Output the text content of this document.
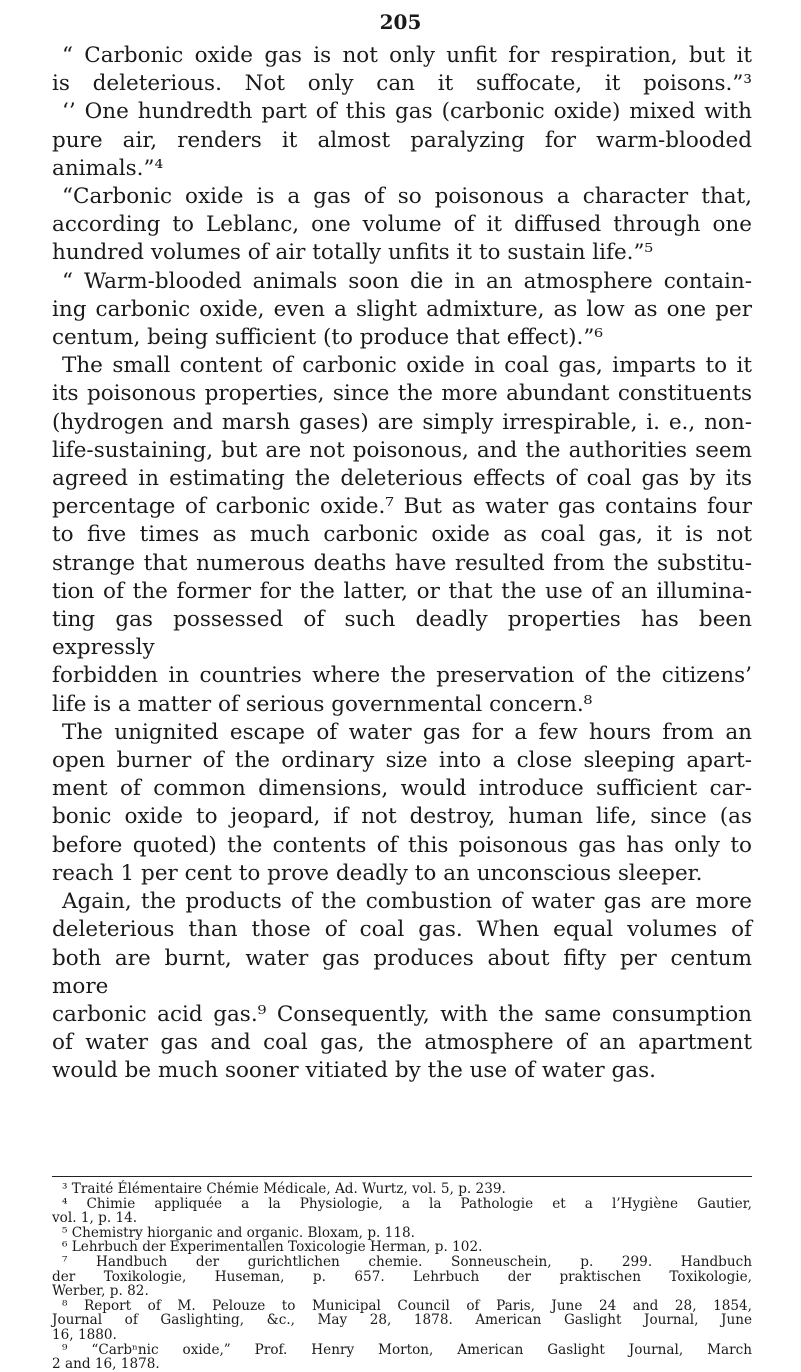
205
“ Carbonic oxide gas is not only unfit for respiration, but it
is deleterious. Not only can it suffocate, it poisons.”³
‘’ One hundredth part of this gas (carbonic oxide) mixed with
pure air, renders it almost paralyzing for warm-blooded
animals.”⁴
“Carbonic oxide is a gas of so poisonous a character that,
according to Leblanc, one volume of it diffused through one
hundred volumes of air totally unfits it to sustain life.”⁵
“ Warm-blooded animals soon die in an atmosphere contain-
ing carbonic oxide, even a slight admixture, as low as one per
centum, being sufficient (to produce that effect).”⁶
The small content of carbonic oxide in coal gas, imparts to it
its poisonous properties, since the more abundant constituents
(hydrogen and marsh gases) are simply irrespirable, i. e., non-
life-sustaining, but are not poisonous, and the authorities seem
agreed in estimating the deleterious effects of coal gas by its
percentage of carbonic oxide.⁷ But as water gas contains four
to five times as much carbonic oxide as coal gas, it is not
strange that numerous deaths have resulted from the substitu-
tion of the former for the latter, or that the use of an illumina-
ting gas possessed of such deadly properties has been expressly
forbidden in countries where the preservation of the citizens’
life is a matter of serious governmental concern.⁸
The unignited escape of water gas for a few hours from an
open burner of the ordinary size into a close sleeping apart-
ment of common dimensions, would introduce sufficient car-
bonic oxide to jeopard, if not destroy, human life, since (as
before quoted) the contents of this poisonous gas has only to
reach 1 per cent to prove deadly to an unconscious sleeper.
Again, the products of the combustion of water gas are more
deleterious than those of coal gas. When equal volumes of
both are burnt, water gas produces about fifty per centum more
carbonic acid gas.⁹ Consequently, with the same consumption
of water gas and coal gas, the atmosphere of an apartment
would be much sooner vitiated by the use of water gas.
³ Traité Élémentaire Chémie Médicale, Ad. Wurtz, vol. 5, p. 239.
⁴ Chimie appliquée a la Physiologie, a la Pathologie et a l’Hygiène Gautier,
vol. 1, p. 14.
⁵ Chemistry hiorganic and organic. Bloxam, p. 118.
⁶ Lehrbuch der Experimentallen Toxicologie Herman, p. 102.
⁷ Handbuch der gurichtlichen chemie. Sonneuschein, p. 299. Handbuch
der Toxikologie, Huseman, p. 657. Lehrbuch der praktischen Toxikologie,
Werber, p. 82.
⁸ Report of M. Pelouze to Municipal Council of Paris, June 24 and 28, 1854,
Journal of Gaslighting, &c., May 28, 1878. American Gaslight Journal, June
16, 1880.
⁹ “Carbⁿnic oxide,” Prof. Henry Morton, American Gaslight Journal, March
2 and 16, 1878.
